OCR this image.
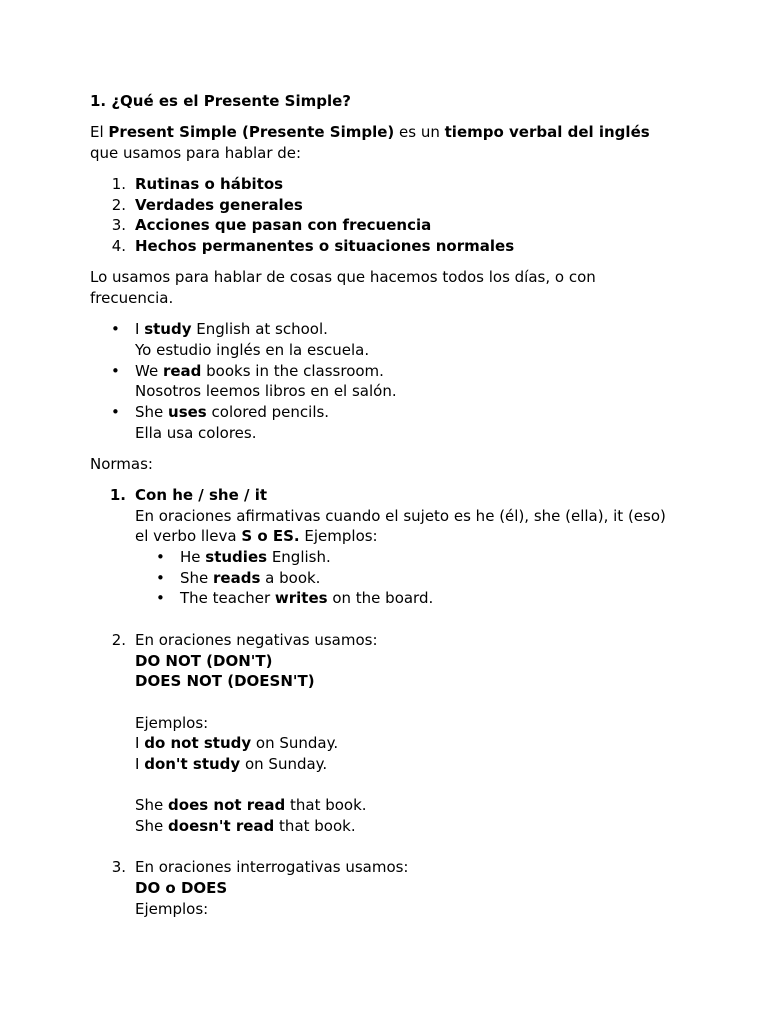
1. ¿Qué es el Presente Simple?
El Present Simple (Presente Simple) es un tiempo verbal del inglés
que usamos para hablar de:
1. Rutinas o hábitos
2. Verdades generales
3. Acciones que pasan con frecuencia
4. Hechos permanentes o situaciones normales
Lo usamos para hablar de cosas que hacemos todos los días, o con
frecuencia.
• I study English at school.
Yo estudio inglés en la escuela.
• We read books in the classroom.
Nosotros leemos libros en el salón.
• She uses colored pencils.
Ella usa colores.
Normas:
1. Con he / she / it
En oraciones afirmativas cuando el sujeto es he (él), she (ella), it (eso)
el verbo lleva S o ES. Ejemplos:
• He studies English.
• She reads a book.
• The teacher writes on the board.
2. En oraciones negativas usamos:
DO NOT (DON'T)
DOES NOT (DOESN'T)
Ejemplos:
I do not study on Sunday.
I don't study on Sunday.
She does not read that book.
She doesn't read that book.
3. En oraciones interrogativas usamos:
DO o DOES
Ejemplos:
